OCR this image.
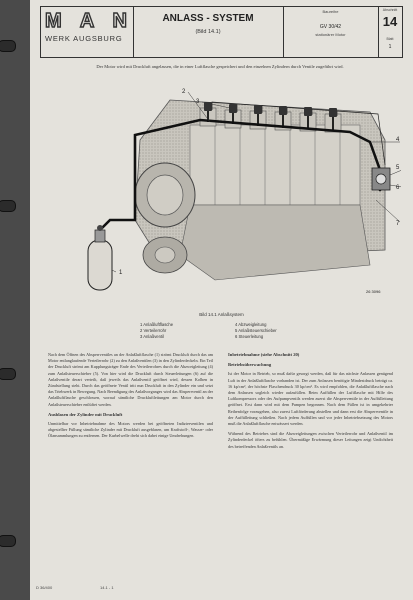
M A N
WERK AUGSBURG
ANLASS - SYSTEM
(Bild 14.1)
Baureihe
GV 30/42
stationärer Motor
Abschnitt
14
Blatt
1
Der Motor wird mit Druckluft angelassen, die in einer Luftflasche gespeichert und den einzelnen Zylindern durch Ventile zugeführt wird.
1
2
3
4
5
6
7
26 3096
Bild 14.1 Anlaßsystem
1 Anlaßluftflasche
2 Verteilerrohr
3 Anlaßventil
4 Abzweigleitung
5 Anlaßsteuerschieber
6 Steuerleitung

Nach dem Öffnen des Absperrventiles an der Anlaßluftflasche (1) strömt Druckluft durch das am Motor entlanglaufende Verteilerrohr (2) zu den Anlaßventilen (3) in den Zylinderdeckeln. Ein Teil der Druckluft strömt am Kupplungsträger Ende des Verteilerrohres durch die Abzweigleitung (4) zum Anlaßsteuerschieber (5). Von hier wird die Druckluft durch Steuerleitungen (6) auf die Anlaßventile derart verteilt, daß jeweils das Anlaßventil geöffnet wird, dessen Kolben in Zündstellung steht. Durch das geöffnete Ventil tritt nun Druckluft in den Zylinder ein und setzt das Triebwerk in Bewegung. Nach Beendigung des Anlaßvorganges wird das Absperrventil an der Anlaßluftflasche geschlossen, worauf sämtliche Druckluftleitungen am Motor durch den Anlaßsteuerschieber entlüftet werden.

Ausblasen der Zylinder mit Druckluft

Unmittelbar vor Inbetriebnahme des Motors werden bei geöffneten Indizierventilen und abgestellter Füllung sämtliche Zylinder mit Druckluft ausgeblasen, um Kraftstoff-, Wasser- oder Ölansammlungen zu entfernen. Der Kurbelwelle dreht sich dabei einige Umdrehungen.

Inbetriebnahme (siehe Abschnitt 20)
Betriebsüberwachung

Ist der Motor in Betrieb, so muß dafür gesorgt werden, daß für das nächste Anlassen genügend Luft in der Anlaßluftflasche vorhanden ist. Der zum Anlassen benötigte Mindestdruck beträgt ca. 16 kp/cm², der höchste Flaschendruck 30 kp/cm². Es wird empfohlen, die Anlaßluftflasche nach dem Anlassen sogleich wieder aufzufüllen. Beim Auffüllen der Luftflasche mit Hilfe des Luftkompressors oder des Aufpumpventils werden zuerst die Absperrventile in der Auffülleitung geöffnet. Erst dann wird mit dem Pumpen begonnen. Nach dem Füllen ist in umgekehrter Reihenfolge vorzugehen, also zuerst Luftförderung abstellen und dann erst die Absperrventile in der Auffülleitung schließen. Nach jedem Auffüllen und vor jeder Inbetriebsetzung des Motors muß die Anlaßluftflasche entwässert werden.

Während des Betriebes sind die Abzweigleitungen zwischen Verteilerrohr und Anlaßventil im Zylinderdeckel öfters zu befühlen. Übermäßige Erwärmung dieser Leitungen zeigt Undichtheit des betreffenden Anlaßventils an.

D 36/400	14.1 - 1
